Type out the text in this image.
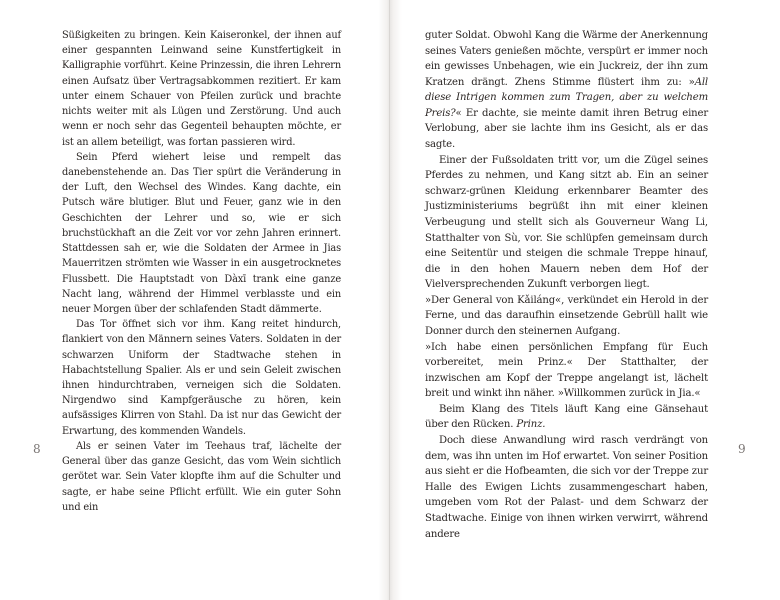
Süßigkeiten zu bringen. Kein Kaiseronkel, der ihnen auf einer gespannten Leinwand seine Kunstfertigkeit in Kalligraphie vorführt. Keine Prinzessin, die ihren Lehrern einen Aufsatz über Vertragsabkommen rezitiert. Er kam unter einem Schauer von Pfeilen zurück und brachte nichts weiter mit als Lügen und Zerstörung. Und auch wenn er noch sehr das Gegenteil behaupten möchte, er ist an allem beteiligt, was fortan passieren wird.

Sein Pferd wiehert leise und rempelt das danebenstehende an. Das Tier spürt die Veränderung in der Luft, den Wechsel des Windes. Kang dachte, ein Putsch wäre blutiger. Blut und Feuer, ganz wie in den Geschichten der Lehrer und so, wie er sich bruchstückhaft an die Zeit vor vor zehn Jahren erinnert. Stattdessen sah er, wie die Soldaten der Armee in Jias Mauerritzen strömten wie Wasser in ein ausgetrocknetes Flussbett. Die Hauptstadt von Dàxī trank eine ganze Nacht lang, während der Himmel verblasste und ein neuer Morgen über der schlafenden Stadt dämmerte.

Das Tor öffnet sich vor ihm. Kang reitet hindurch, flankiert von den Männern seines Vaters. Soldaten in der schwarzen Uniform der Stadtwache stehen in Habachtstellung Spalier. Als er und sein Geleit zwischen ihnen hindurchtraben, verneigen sich die Soldaten. Nirgendwo sind Kampfgeräusche zu hören, kein aufsässiges Klirren von Stahl. Da ist nur das Gewicht der Erwartung, des kommenden Wandels.

Als er seinen Vater im Teehaus traf, lächelte der General über das ganze Gesicht, das vom Wein sichtlich gerötet war. Sein Vater klopfte ihm auf die Schulter und sagte, er habe seine Pflicht erfüllt. Wie ein guter Sohn und ein

8

guter Soldat. Obwohl Kang die Wärme der Anerkennung seines Vaters genießen möchte, verspürt er immer noch ein gewisses Unbehagen, wie ein Juckreiz, der ihn zum Kratzen drängt. Zhens Stimme flüstert ihm zu: »All diese Intrigen kommen zum Tragen, aber zu welchem Preis?« Er dachte, sie meinte damit ihren Betrug einer Verlobung, aber sie lachte ihm ins Gesicht, als er das sagte.

Einer der Fußsoldaten tritt vor, um die Zügel seines Pferdes zu nehmen, und Kang sitzt ab. Ein an seiner schwarz-grünen Kleidung erkennbarer Beamter des Justizministeriums begrüßt ihn mit einer kleinen Verbeugung und stellt sich als Gouverneur Wang Li, Statthalter von Sù, vor. Sie schlüpfen gemeinsam durch eine Seitentür und steigen die schmale Treppe hinauf, die in den hohen Mauern neben dem Hof der Vielversprechenden Zukunft verborgen liegt.

»Der General von Kǎiláng«, verkündet ein Herold in der Ferne, und das daraufhin einsetzende Gebrüll hallt wie Donner durch den steinernen Aufgang.

»Ich habe einen persönlichen Empfang für Euch vorbereitet, mein Prinz.« Der Statthalter, der inzwischen am Kopf der Treppe angelangt ist, lächelt breit und winkt ihn näher. »Willkommen zurück in Jia.«

Beim Klang des Titels läuft Kang eine Gänsehaut über den Rücken. Prinz.

Doch diese Anwandlung wird rasch verdrängt von dem, was ihn unten im Hof erwartet. Von seiner Position aus sieht er die Hofbeamten, die sich vor der Treppe zur Halle des Ewigen Lichts zusammengeschart haben, umgeben vom Rot der Palast- und dem Schwarz der Stadtwache. Einige von ihnen wirken verwirrt, während andere

9
